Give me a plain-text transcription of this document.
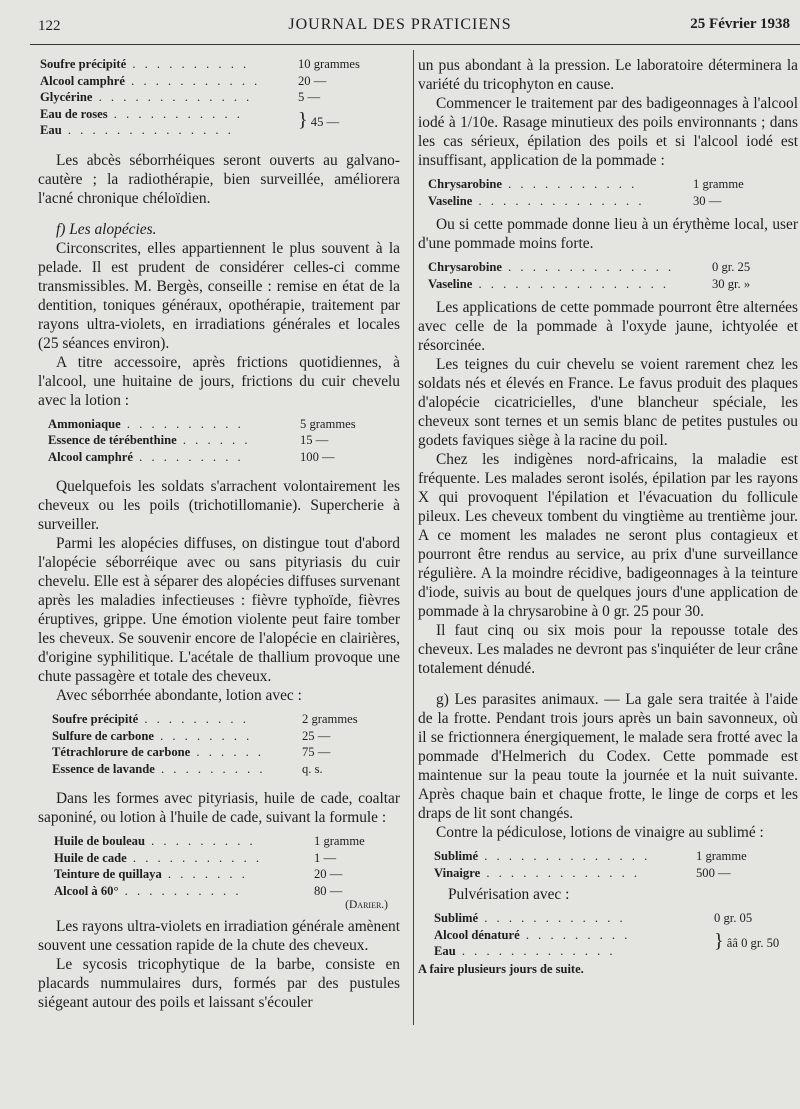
122	JOURNAL DES PRATICIENS	25 Février 1938
Soufre précipité . . . . . . . . . .	10 grammes
Alcool camphré . . . . . . . . . . .	20 —
Glycérine . . . . . . . . . . . . .	5 —
Eau de roses . . . . . . . . . . .	} 45 —
Eau . . . . . . . . . . . . . .	

Les abcès séborrhéiques seront ouverts au galvano-cautère ; la radiothérapie, bien surveillée, améliorera l'acné chronique chéloïdien.

f) Les alopécies.

Circonscrites, elles appartiennent le plus souvent à la pelade. Il est prudent de considérer celles-ci comme transmissibles. M. Bergès, conseille : remise en état de la dentition, toniques généraux, opothérapie, traitement par rayons ultra-violets, en irradiations générales et locales (25 séances environ).

A titre accessoire, après frictions quotidiennes, à l'alcool, une huitaine de jours, frictions du cuir chevelu avec la lotion :

Ammoniaque . . . . . . . . . .	5 grammes
Essence de térébenthine . . . . . .	15 —
Alcool camphré . . . . . . . . .	100 —

Quelquefois les soldats s'arrachent volontairement les cheveux ou les poils (trichotillomanie). Supercherie à surveiller.

Parmi les alopécies diffuses, on distingue tout d'abord l'alopécie séborréique avec ou sans pityriasis du cuir chevelu. Elle est à séparer des alopécies diffuses survenant après les maladies infectieuses : fièvre typhoïde, fièvres éruptives, grippe. Une émotion violente peut faire tomber les cheveux. Se souvenir encore de l'alopécie en clairières, d'origine syphilitique. L'acétale de thallium provoque une chute passagère et totale des cheveux.

Avec séborrhée abondante, lotion avec :

Soufre précipité . . . . . . . . .	2 grammes
Sulfure de carbone . . . . . . . .	25 —
Tétrachlorure de carbone . . . . . .	75 —
Essence de lavande . . . . . . . . .	q. s.

Dans les formes avec pityriasis, huile de cade, coaltar saponiné, ou lotion à l'huile de cade, suivant la formule :

Huile de bouleau . . . . . . . . .	1 gramme
Huile de cade . . . . . . . . . . .	1 —
Teinture de quillaya . . . . . . .	20 —
Alcool à 60° . . . . . . . . . .	80 —

(Darier.)

Les rayons ultra-violets en irradiation générale amènent souvent une cessation rapide de la chute des cheveux.

Le sycosis tricophytique de la barbe, consiste en placards nummulaires durs, formés par des pustules siégeant autour des poils et laissant s'écouler

un pus abondant à la pression. Le laboratoire déterminera la variété du tricophyton en cause.

Commencer le traitement par des badigeonnages à l'alcool iodé à 1/10e. Rasage minutieux des poils environnants ; dans les cas sérieux, épilation des poils et si l'alcool iodé est insuffisant, application de la pommade :

Chrysarobine . . . . . . . . . . .	1 gramme
Vaseline . . . . . . . . . . . . . .	30 —

Ou si cette pommade donne lieu à un érythème local, user d'une pommade moins forte.

Chrysarobine . . . . . . . . . . . . . .	0 gr. 25
Vaseline . . . . . . . . . . . . . . . .	30 gr. »

Les applications de cette pommade pourront être alternées avec celle de la pommade à l'oxyde jaune, ichtyolée et résorcinée.

Les teignes du cuir chevelu se voient rarement chez les soldats nés et élevés en France. Le favus produit des plaques d'alopécie cicatricielles, d'une blancheur spéciale, les cheveux sont ternes et un semis blanc de petites pustules ou godets faviques siège à la racine du poil.

Chez les indigènes nord-africains, la maladie est fréquente. Les malades seront isolés, épilation par les rayons X qui provoquent l'épilation et l'évacuation du follicule pileux. Les cheveux tombent du vingtième au trentième jour. A ce moment les malades ne seront plus contagieux et pourront être rendus au service, au prix d'une surveillance régulière. A la moindre récidive, badigeonnages à la teinture d'iode, suivis au bout de quelques jours d'une application de pommade à la chrysarobine à 0 gr. 25 pour 30.

Il faut cinq ou six mois pour la repousse totale des cheveux. Les malades ne devront pas s'inquiéter de leur crâne totalement dénudé.

g) Les parasites animaux. — La gale sera traitée à l'aide de la frotte. Pendant trois jours après un bain savonneux, où il se frictionnera énergiquement, le malade sera frotté avec la pommade d'Helmerich du Codex. Cette pommade est maintenue sur la peau toute la journée et la nuit suivante. Après chaque bain et chaque frotte, le linge de corps et les draps de lit sont changés.

Contre la pédiculose, lotions de vinaigre au sublimé :

Sublimé . . . . . . . . . . . . . .	1 gramme
Vinaigre . . . . . . . . . . . . .	500 —

Pulvérisation avec :

Sublimé . . . . . . . . . . . .	0 gr. 05
Alcool dénaturé . . . . . . . . .	} ââ 0 gr. 50
Eau . . . . . . . . . . . . .	

A faire plusieurs jours de suite.
